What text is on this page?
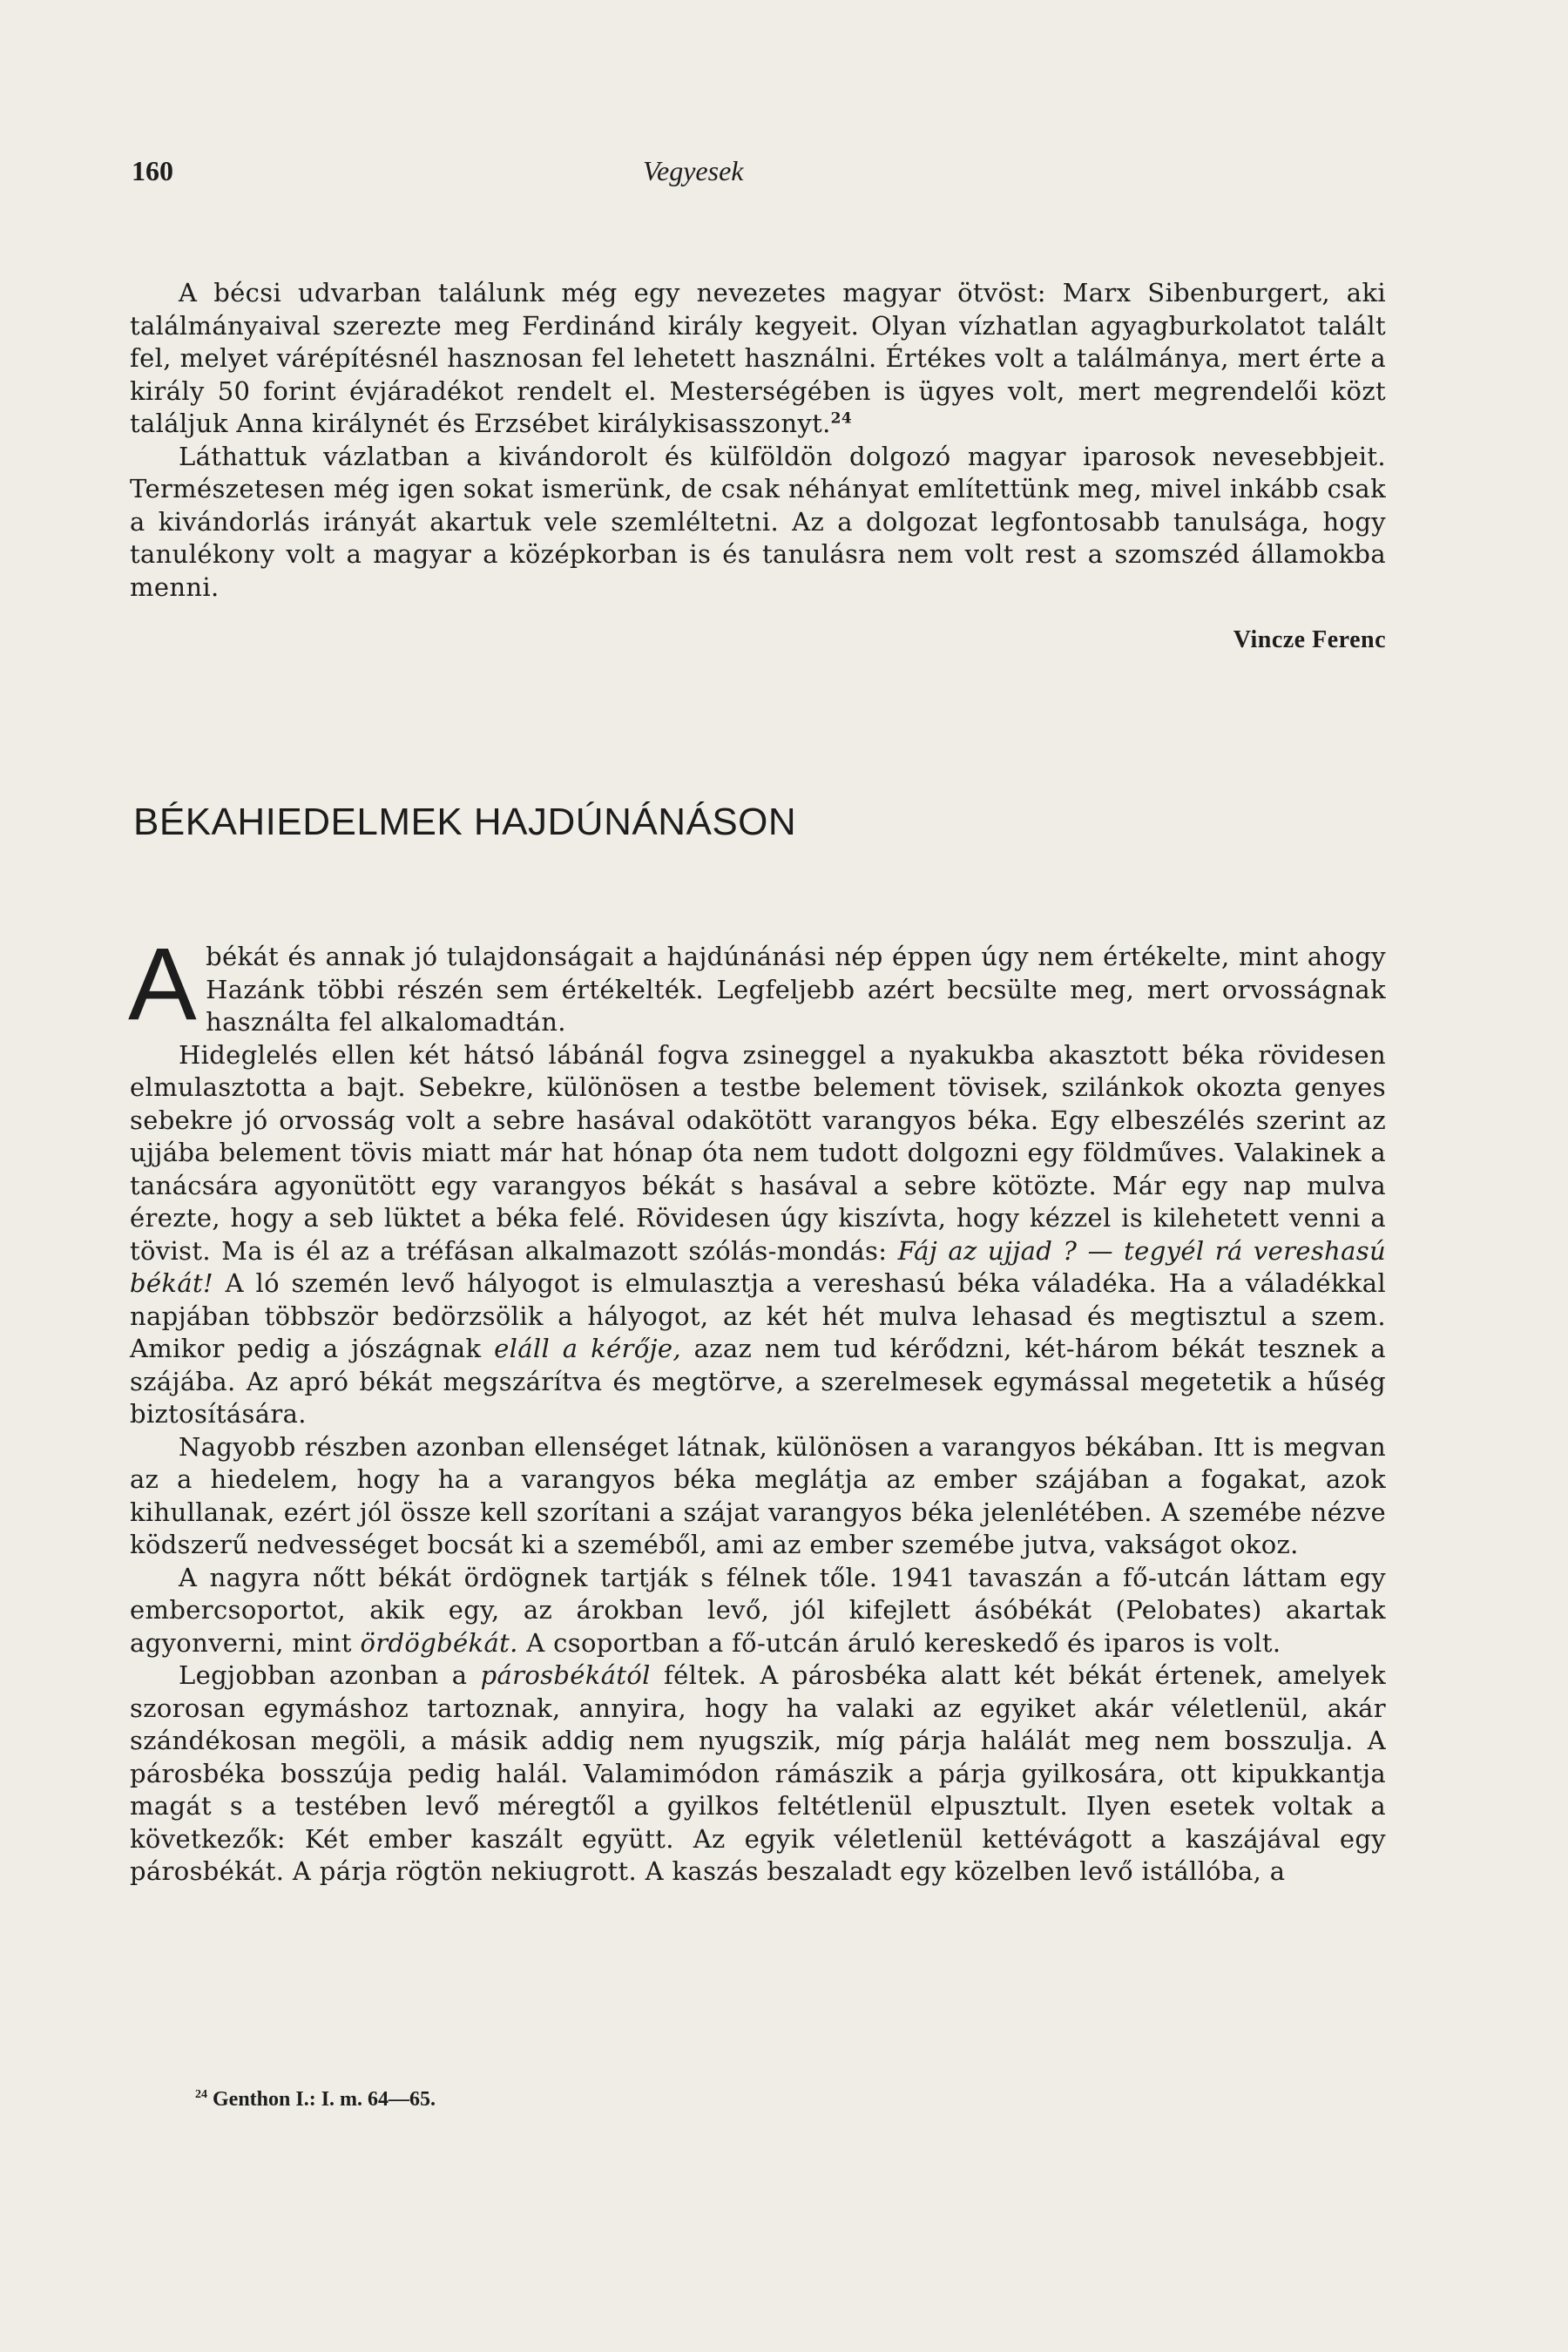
160	Vegyesek

A bécsi udvarban találunk még egy nevezetes magyar ötvöst: Marx Sibenburgert, aki találmányaival szerezte meg Ferdinánd király kegyeit. Olyan vízhatlan agyagburkolatot talált fel, melyet várépítésnél hasznosan fel lehetett használni. Értékes volt a találmánya, mert érte a király 50 forint évjáradékot rendelt el. Mesterségében is ügyes volt, mert megrendelői közt találjuk Anna királynét és Erzsébet királykisasszonyt.$^{24}$

Láthattuk vázlatban a kivándorolt és külföldön dolgozó magyar iparosok nevesebbjeit. Természetesen még igen sokat ismerünk, de csak néhányat említettünk meg, mivel inkább csak a kivándorlás irányát akartuk vele szemléltetni. Az a dolgozat legfontosabb tanulsága, hogy tanulékony volt a magyar a középkorban is és tanulásra nem volt rest a szomszéd államokba menni.

Vincze Ferenc
BÉKAHIEDELMEK HAJDÚNÁNÁSON

Abékát és annak jó tulajdonságait a hajdúnánási nép éppen úgy nem értékelte, mint ahogy Hazánk többi részén sem értékelték. Legfeljebb azért becsülte meg, mert orvosságnak használta fel alkalomadtán.

Hideglelés ellen két hátsó lábánál fogva zsineggel a nyakukba akasztott béka rövidesen elmulasztotta a bajt. Sebekre, különösen a testbe belement tövisek, szilánkok okozta genyes sebekre jó orvosság volt a sebre hasával odakötött varangyos béka. Egy elbeszélés szerint az ujjába belement tövis miatt már hat hónap óta nem tudott dolgozni egy földműves. Valakinek a tanácsára agyonütött egy varangyos békát s hasával a sebre kötözte. Már egy nap mulva érezte, hogy a seb lüktet a béka felé. Rövidesen úgy kiszívta, hogy kézzel is kilehetett venni a tövist. Ma is él az a tréfásan alkalmazott szólás-mondás: Fáj az ujjad ? — tegyél rá vereshasú békát! A ló szemén levő hályogot is elmulasztja a vereshasú béka váladéka. Ha a váladékkal napjában többször bedörzsölik a hályogot, az két hét mulva lehasad és megtisztul a szem. Amikor pedig a jószágnak eláll a kérője, azaz nem tud kérődzni, két-három békát tesznek a szájába. Az apró békát megszárítva és megtörve, a szerelmesek egymással megetetik a hűség biztosítására.

Nagyobb részben azonban ellenséget látnak, különösen a varangyos békában. Itt is megvan az a hiedelem, hogy ha a varangyos béka meglátja az ember szájában a fogakat, azok kihullanak, ezért jól össze kell szorítani a szájat varangyos béka jelenlétében. A szemébe nézve ködszerű nedvességet bocsát ki a szeméből, ami az ember szemébe jutva, vakságot okoz.

A nagyra nőtt békát ördögnek tartják s félnek tőle. 1941 tavaszán a fő-utcán láttam egy embercsoportot, akik egy, az árokban levő, jól kifejlett ásóbékát (Pelobates) akartak agyonverni, mint ördögbékát. A csoportban a fő-utcán áruló kereskedő és iparos is volt.

Legjobban azonban a párosbékától féltek. A párosbéka alatt két békát értenek, amelyek szorosan egymáshoz tartoznak, annyira, hogy ha valaki az egyiket akár véletlenül, akár szándékosan megöli, a másik addig nem nyugszik, míg párja halálát meg nem bosszulja. A párosbéka bosszúja pedig halál. Valamimódon rámászik a párja gyilkosára, ott kipukkantja magát s a testében levő méregtől a gyilkos feltétlenül elpusztult. Ilyen esetek voltak a következők: Két ember kaszált együtt. Az egyik véletlenül kettévágott a kaszájával egy párosbékát. A párja rögtön nekiugrott. A kaszás beszaladt egy közelben levő istállóba, a

$^{24}$ Genthon I.: I. m. 64—65.
